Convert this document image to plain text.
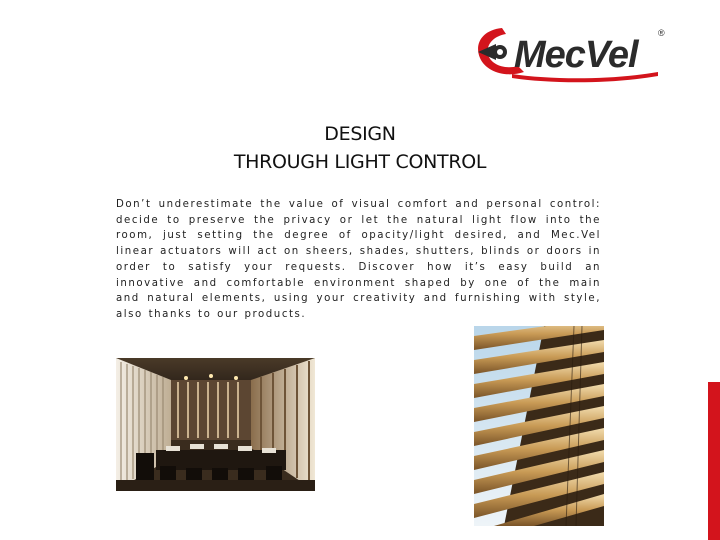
MecVel
®
DESIGN
THROUGH LIGHT CONTROL
Don’t underestimate the value of visual comfort and personal control: decide to preserve the privacy or let the natural light flow into the room, just setting the degree of opacity/light desired, and Mec.Vel linear actuators will act on sheers, shades, shutters, blinds or doors in order to satisfy your requests. Discover how it’s easy build an innovative and comfortable environment shaped by one of the main and natural elements, using your creativity and furnishing with style, also thanks to our products.
